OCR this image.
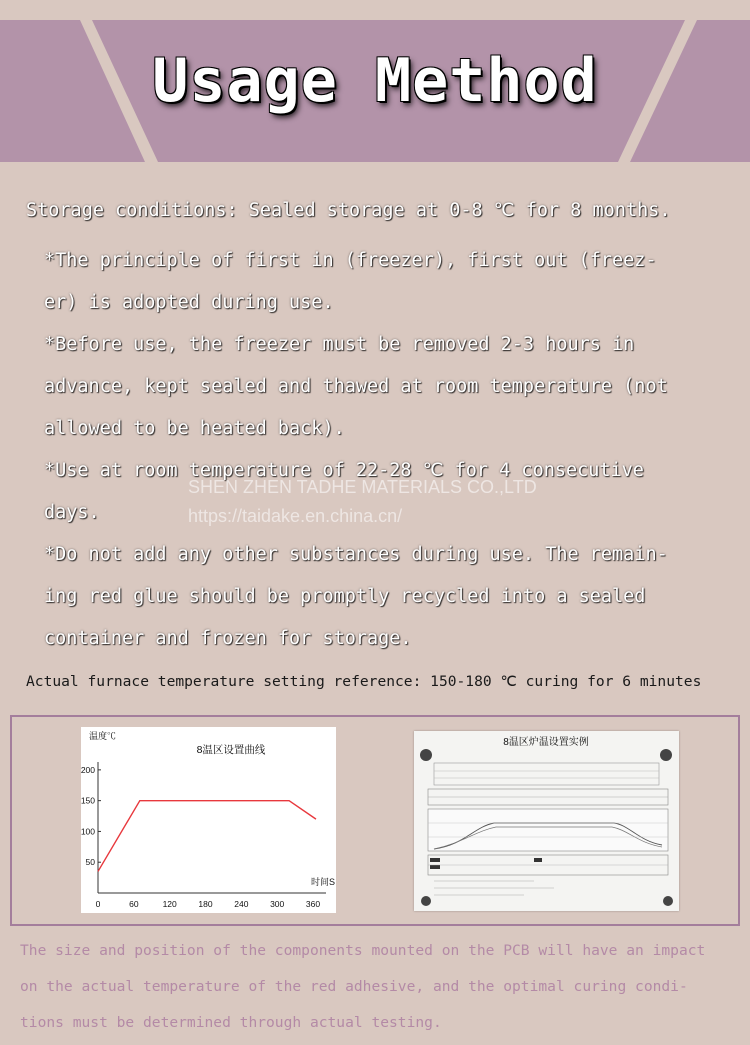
Usage Method
Storage conditions: Sealed storage at 0-8 ℃ for 8 months.
*The principle of first in (freezer), first out (freez-
er) is adopted during use.
*Before use, the freezer must be removed 2-3 hours in
advance, kept sealed and thawed at room temperature (not
allowed to be heated back).
*Use at room temperature of 22-28 ℃ for 4 consecutive
days.
*Do not add any other substances during use. The remain-
ing red glue should be promptly recycled into a sealed
container and frozen for storage.
SHEN ZHEN TADHE MATERIALS CO.,LTD
https://taidake.en.china.cn/
Actual furnace temperature setting reference: 150-180 ℃ curing for 6 minutes
8温区设置曲线
温度℃
时间S
0	60	120	180	240	300	360
50
100
150
200
8温区炉温设置实例
The size and position of the components mounted on the PCB will have an impact
on the actual temperature of the red adhesive, and the optimal curing condi-
tions must be determined through actual testing.
